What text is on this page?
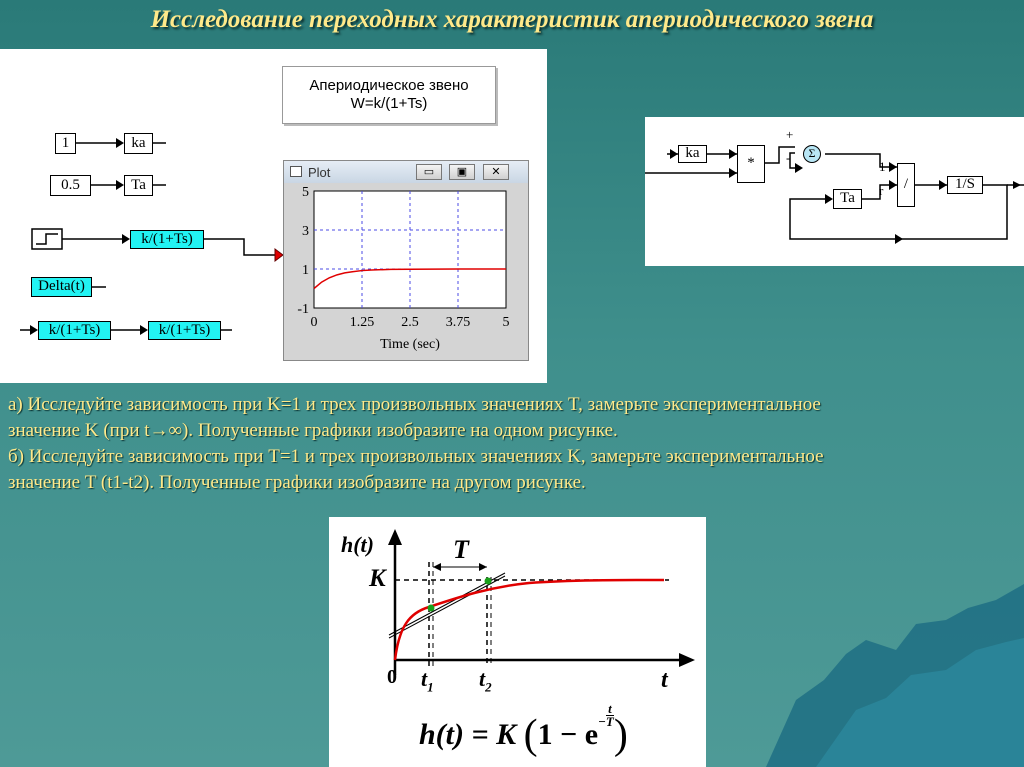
Исследование переходных характеристик апериодического звена
Апериодическое звено
W=k/(1+Ts)
1	ka
0.5	Ta
k/(1+Ts)
Delta(t)
k/(1+Ts)	k/(1+Ts)
Plot	▭	▣	✕
5
3
1
-1
0 1.25 2.5 3.75 5
Time (sec)
ka
*
+
-	Σ
1
r	/
Ta
1/S
а) Исследуйте зависимость при K=1 и трех произвольных значениях T, замерьте экспериментальное
значение K (при t→∞). Полученные графики изобразите на одном рисунке.
б) Исследуйте зависимость при T=1 и трех произвольных значениях K, замерьте экспериментальное
значение T (t1-t2). Полученные графики изобразите на другом рисунке.
h(t)	T
K
0 $t_1$ $t_2$	t
h(t) = K ($1 - e- \frac{t}{T}$ )
